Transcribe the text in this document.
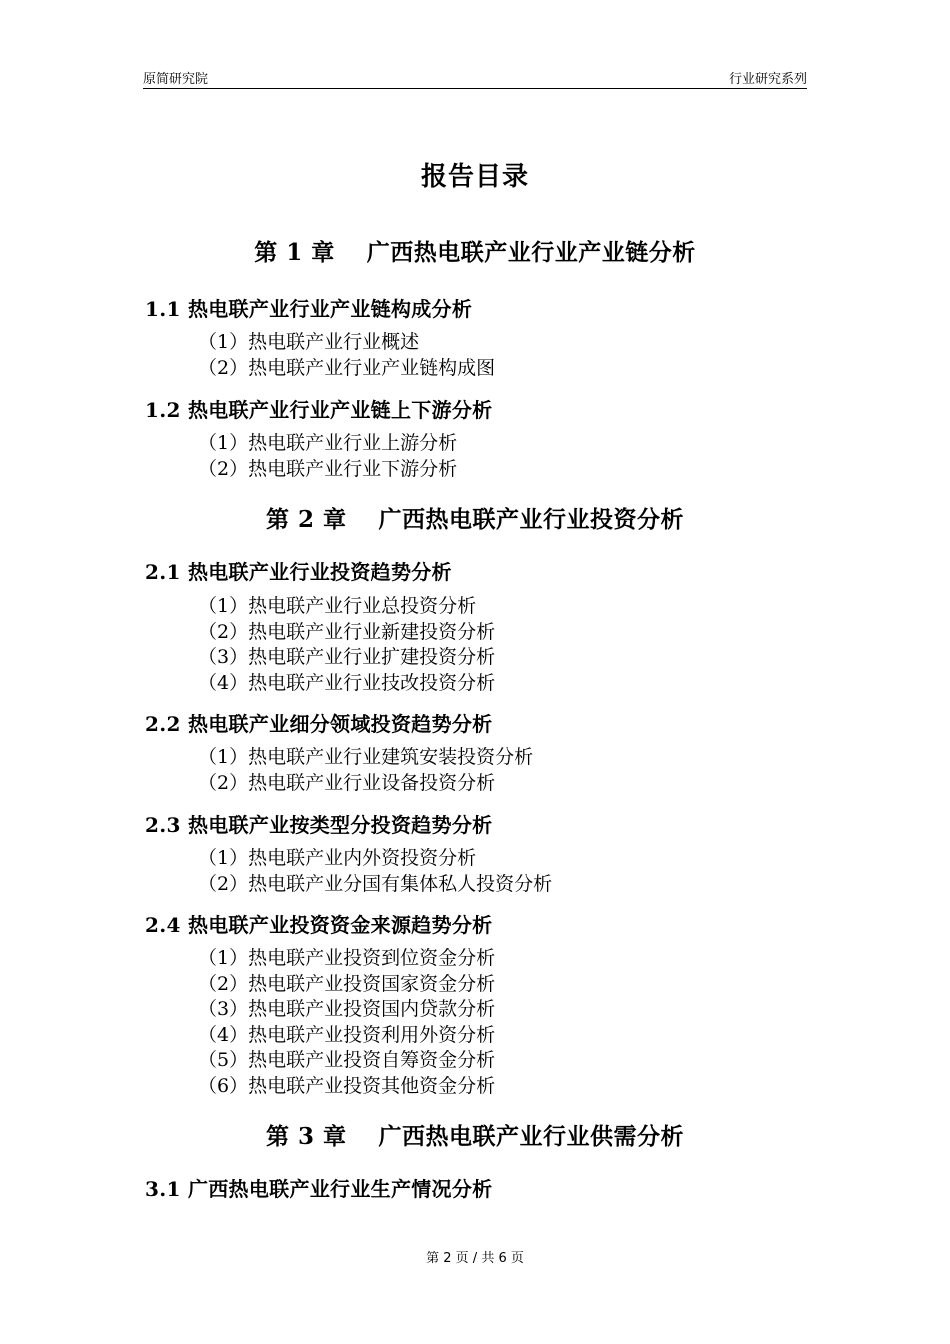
原简研究院	行业研究系列
报告目录
第 1 章　 广西热电联产业行业产业链分析
1.1 热电联产业行业产业链构成分析
（1）热电联产业行业概述
（2）热电联产业行业产业链构成图
1.2 热电联产业行业产业链上下游分析
（1）热电联产业行业上游分析
（2）热电联产业行业下游分析
第 2 章　 广西热电联产业行业投资分析
2.1 热电联产业行业投资趋势分析
（1）热电联产业行业总投资分析
（2）热电联产业行业新建投资分析
（3）热电联产业行业扩建投资分析
（4）热电联产业行业技改投资分析
2.2 热电联产业细分领域投资趋势分析
（1）热电联产业行业建筑安装投资分析
（2）热电联产业行业设备投资分析
2.3 热电联产业按类型分投资趋势分析
（1）热电联产业内外资投资分析
（2）热电联产业分国有集体私人投资分析
2.4 热电联产业投资资金来源趋势分析
（1）热电联产业投资到位资金分析
（2）热电联产业投资国家资金分析
（3）热电联产业投资国内贷款分析
（4）热电联产业投资利用外资分析
（5）热电联产业投资自筹资金分析
（6）热电联产业投资其他资金分析
第 3 章　 广西热电联产业行业供需分析
3.1 广西热电联产业行业生产情况分析
第 2 页 / 共 6 页
